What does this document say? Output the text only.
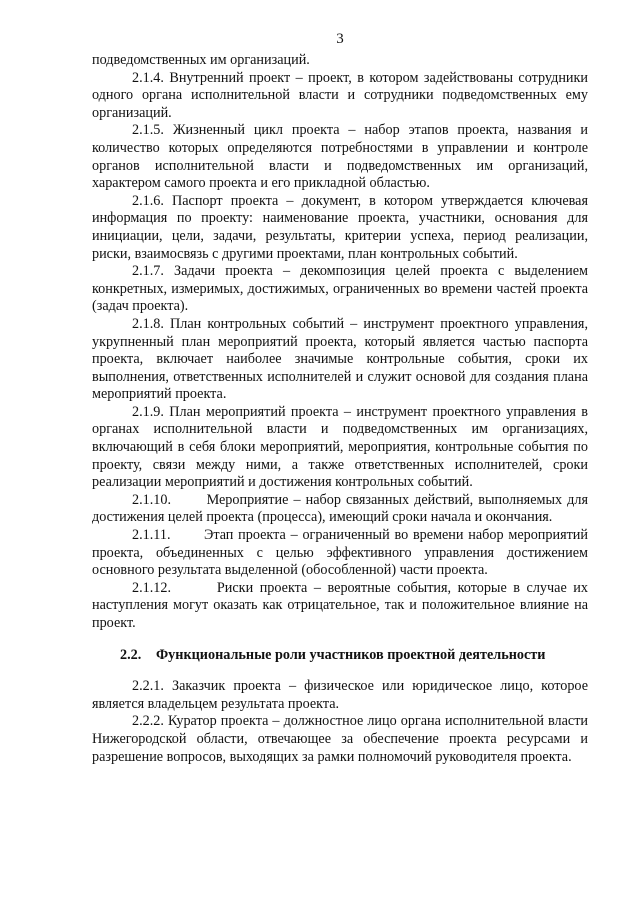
3

подведомственных им организаций.

2.1.4. Внутренний проект – проект, в котором задействованы сотрудники одного органа исполнительной власти и сотрудники подведомственных ему организаций.

2.1.5. Жизненный цикл проекта – набор этапов проекта, названия и количество которых определяются потребностями в управлении и контроле органов исполнительной власти и подведомственных им организаций, характером самого проекта и его прикладной областью.

2.1.6. Паспорт проекта – документ, в котором утверждается ключевая информация по проекту: наименование проекта, участники, основания для инициации, цели, задачи, результаты, критерии успеха, период реализации, риски, взаимосвязь с другими проектами, план контрольных событий.

2.1.7. Задачи проекта – декомпозиция целей проекта с выделением конкретных, измеримых, достижимых, ограниченных во времени частей проекта (задач проекта).

2.1.8. План контрольных событий – инструмент проектного управления, укрупненный план мероприятий проекта, который является частью паспорта проекта, включает наиболее значимые контрольные события, сроки их выполнения, ответственных исполнителей и служит основой для создания плана мероприятий проекта.

2.1.9. План мероприятий проекта – инструмент проектного управления в органах исполнительной власти и подведомственных им организациях, включающий в себя блоки мероприятий, мероприятия, контрольные события по проекту, связи между ними, а также ответственных исполнителей, сроки реализации мероприятий и достижения контрольных событий.

2.1.10.       Мероприятие – набор связанных действий, выполняемых для достижения целей проекта (процесса), имеющий сроки начала и окончания.

2.1.11.       Этап проекта – ограниченный во времени набор мероприятий проекта, объединенных с целью эффективного управления достижением основного результата выделенной (обособленной) части проекта.

2.1.12.       Риски проекта – вероятные события, которые в случае их наступления могут оказать как отрицательное, так и положительное влияние на проект.

2.2. Функциональные роли участников проектной деятельности

2.2.1. Заказчик проекта – физическое или юридическое лицо, которое является владельцем результата проекта.

2.2.2. Куратор проекта – должностное лицо органа исполнительной власти Нижегородской области, отвечающее за обеспечение проекта ресурсами и разрешение вопросов, выходящих за рамки полномочий руководителя проекта.
